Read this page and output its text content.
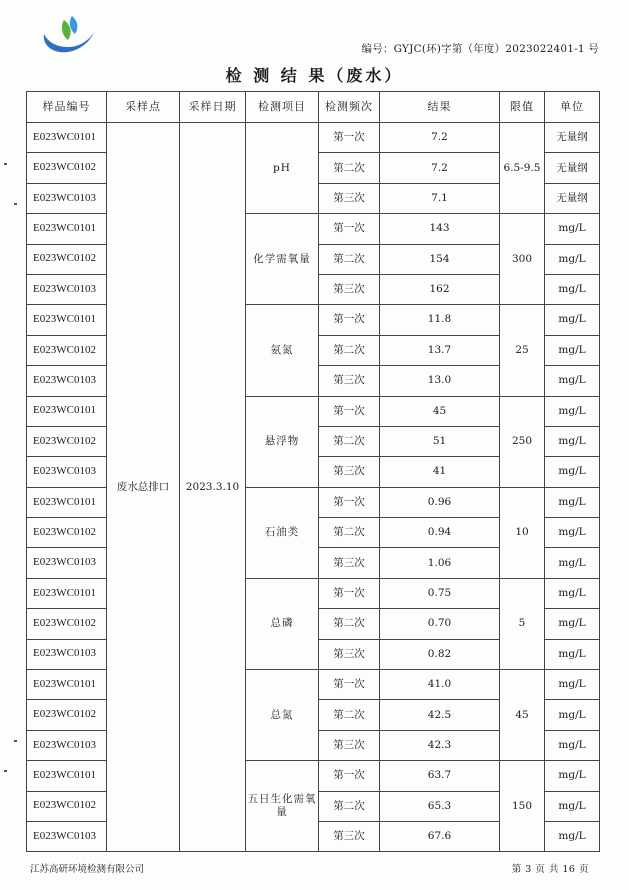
编号：GYJC(环)字第（年度）2023022401-1 号
检 测 结 果（废水）
样品编号	采样点	采样日期	检测项目	检测频次	结果	限值	单位
E023WC0101	废水总排口	2023.3.10	pH	第一次	7.2	6.5-9.5	无量纲
E023WC0102				第二次	7.2		无量纲
E023WC0103				第三次	7.1		无量纲
E023WC0101			化学需氧量	第一次	143	300	mg/L
E023WC0102				第二次	154		mg/L
E023WC0103				第三次	162		mg/L
E023WC0101			氨氮	第一次	11.8	25	mg/L
E023WC0102				第二次	13.7		mg/L
E023WC0103				第三次	13.0		mg/L
E023WC0101			悬浮物	第一次	45	250	mg/L
E023WC0102				第二次	51		mg/L
E023WC0103				第三次	41		mg/L
E023WC0101			石油类	第一次	0.96	10	mg/L
E023WC0102				第二次	0.94		mg/L
E023WC0103				第三次	1.06		mg/L
E023WC0101			总磷	第一次	0.75	5	mg/L
E023WC0102				第二次	0.70		mg/L
E023WC0103				第三次	0.82		mg/L
E023WC0101			总氮	第一次	41.0	45	mg/L
E023WC0102				第二次	42.5		mg/L
E023WC0103				第三次	42.3		mg/L
E023WC0101			五日生化需氧量	第一次	63.7	150	mg/L
E023WC0102				第二次	65.3		mg/L
E023WC0103				第三次	67.6		mg/L
江苏高研环境检测有限公司	第 3 页 共 16 页
